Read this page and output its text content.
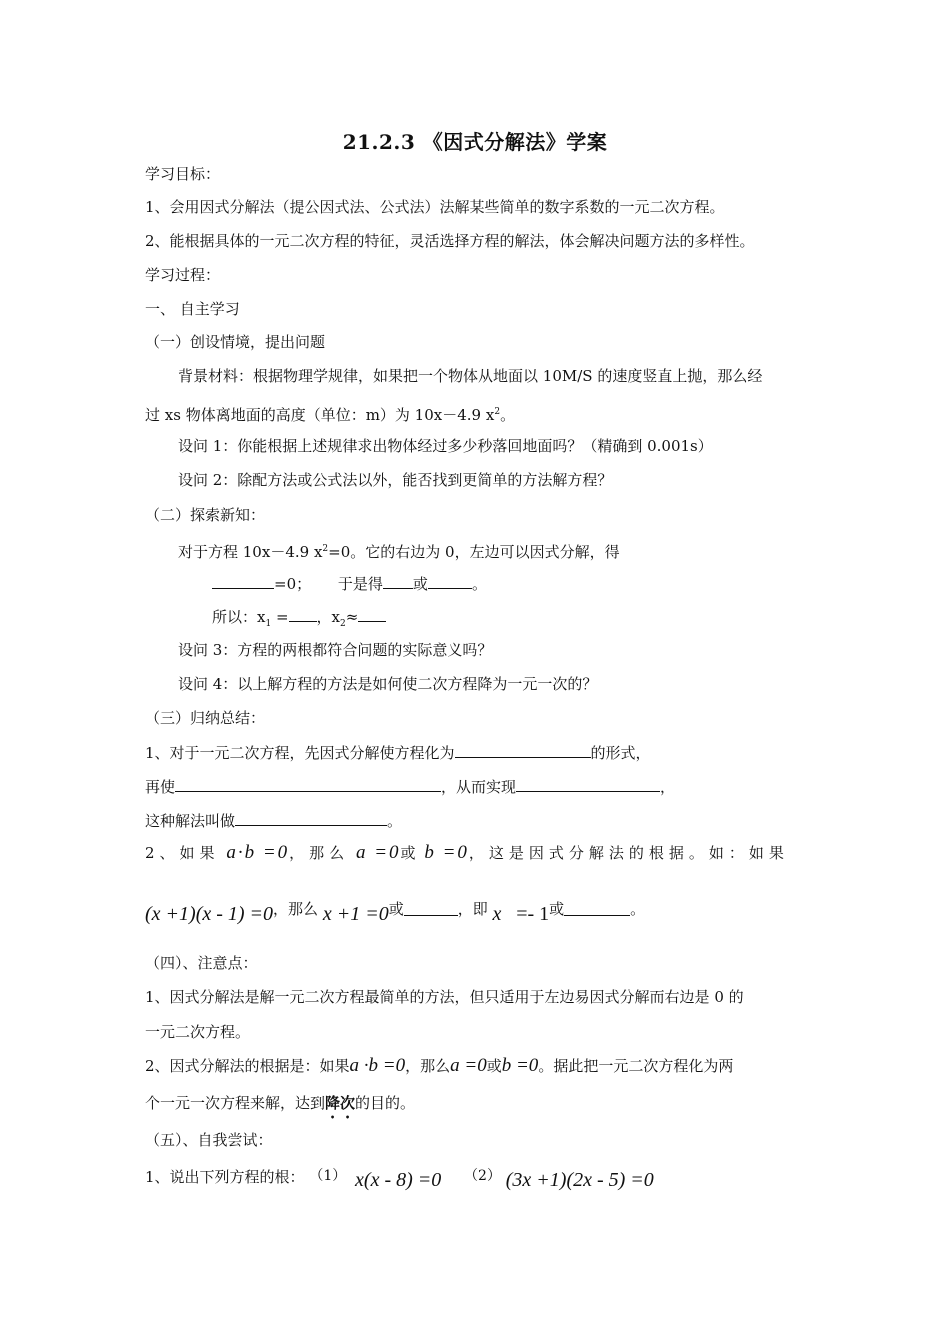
21.2.3 《因式分解法》学案
学习目标：
1、会用因式分解法（提公因式法、公式法）法解某些简单的数字系数的一元二次方程。
2、能根据具体的一元二次方程的特征，灵活选择方程的解法，体会解决问题方法的多样性。
学习过程：
一、 自主学习
（一）创设情境，提出问题
背景材料：根据物理学规律，如果把一个物体从地面以 10M/S 的速度竖直上抛，那么经
过 xs 物体离地面的高度（单位：m）为 10x－4.9 $x^2$。
设问 1：你能根据上述规律求出物体经过多少秒落回地面吗？（精确到 0.001s）
设问 2：除配方法或公式法以外，能否找到更简单的方法解方程？
（二）探索新知：
对于方程 10x－4.9 $x^2=0$。它的右边为 0，左边可以因式分解，得
=0； 于是得 或	。
所以：$x_1$ = ，$x_2\approx$
设问 3：方程的两根都符合问题的实际意义吗？
设问 4：以上解方程的方法是如何使二次方程降为一元一次的？
（三）归纳总结：
1、对于一元二次方程，先因式分解使方程化为	的形式，
再使	，从而实现	，
这种解法叫做	。
2、如果 a·b =0，那么 a =0或 b =0，这是因式分解法的根据。如：如果
(x +1)(x - 1) =0，那么 x +1 =0或	，即 x =- 1或	。
（四）、注意点：
1、因式分解法是解一元二次方程最简单的方法，但只适用于左边易因式分解而右边是 0 的
一元二次方程。
2、因式分解法的根据是：如果a ·b =0，那么a =0或b =0。据此把一元二次方程化为两
个一元一次方程来解，达到降次的目的。
（五）、自我尝试：
1、说出下列方程的根： （1） x(x - 8) =0 （2） (3x +1)(2x - 5) =0
